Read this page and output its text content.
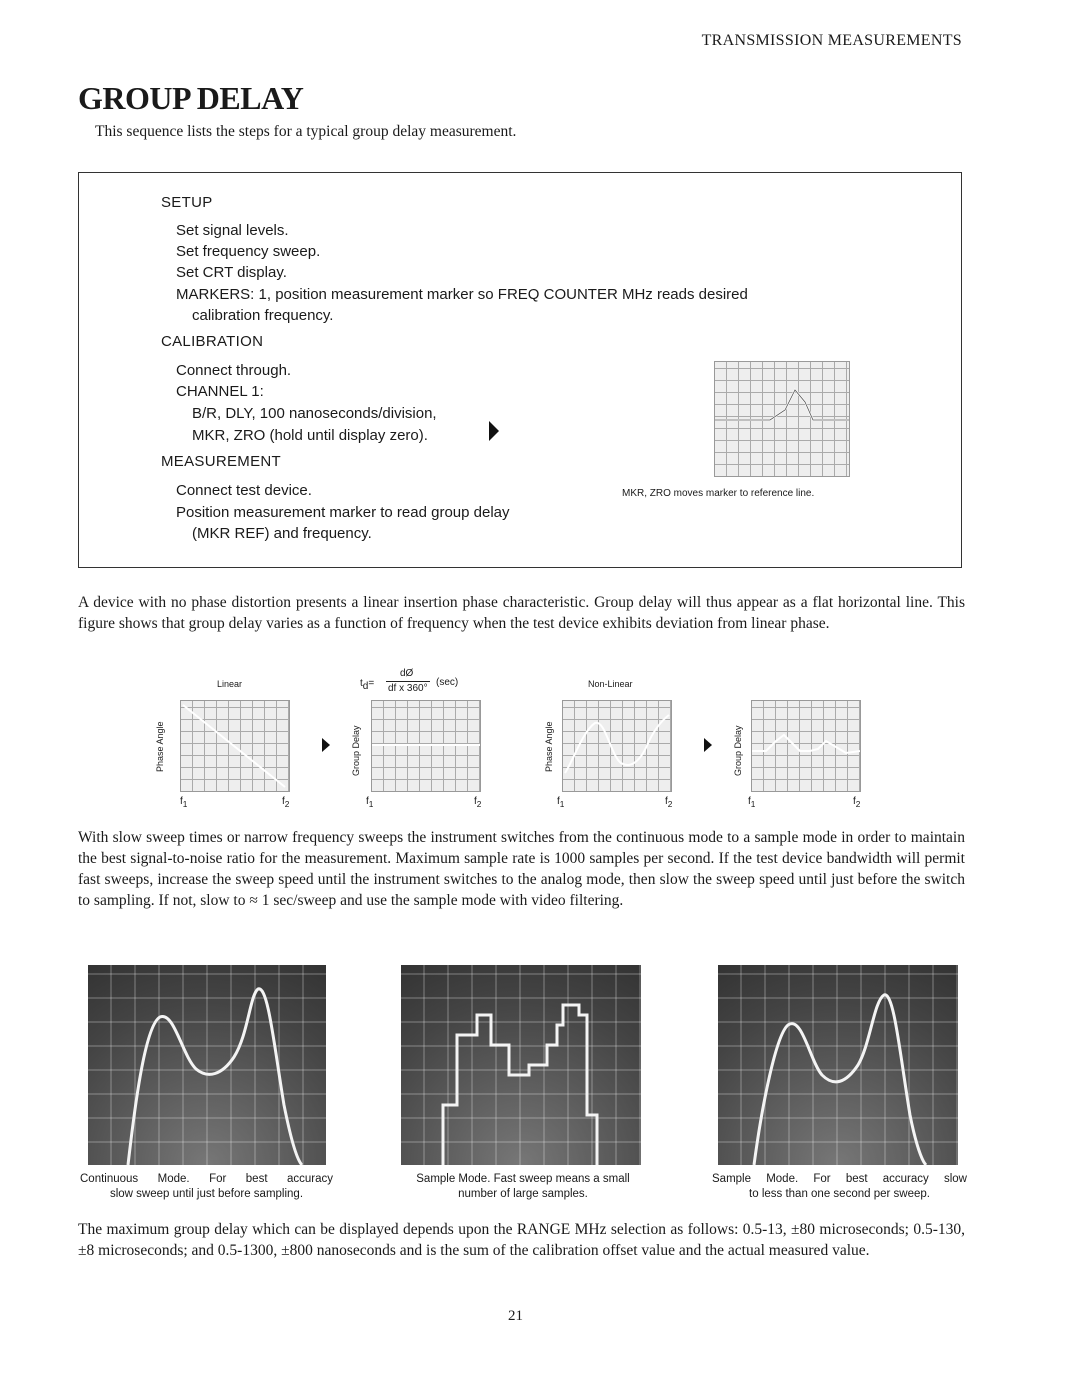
TRANSMISSION MEASUREMENTS
GROUP DELAY
This sequence lists the steps for a typical group delay measurement.
SETUP
Set signal levels.
Set frequency sweep.
Set CRT display.
MARKERS: 1, position measurement marker so FREQ COUNTER MHz reads desired
calibration frequency.
CALIBRATION
Connect through.
CHANNEL 1:
B/R, DLY, 100 nanoseconds/division,
MKR, ZRO (hold until display zero).
MEASUREMENT
Connect test device.
Position measurement marker to read group delay
(MKR REF) and frequency.
MKR, ZRO moves marker to reference line.
A device with no phase distortion presents a linear insertion phase characteristic. Group delay will thus appear as a flat horizontal line. This figure shows that group delay varies as a function of frequency when the test device exhibits deviation from linear phase.
Linear	Non-Linear
$t_d=$
dØ
df x 360°
(sec)
Phase Angle	Group Delay	Phase Angle	Group Delay
$f_1$	$f_2$	$f_1$	$f_2$	$f_1$	$f_2$	$f_1$	$f_2$
With slow sweep times or narrow frequency sweeps the instrument switches from the continuous mode to a sample mode in order to maintain the best signal-to-noise ratio for the measurement. Maximum sample rate is 1000 samples per second. If the test device bandwidth will permit fast sweeps, increase the sweep speed until the instrument switches to the analog mode, then slow the sweep speed until just before the switch to sampling. If not, slow to ≈ 1 sec/sweep and use the sample mode with video filtering.
Continuous Mode. For best accuracy
slow sweep until just before sampling.
Sample Mode. Fast sweep means a small
number of large samples.
Sample Mode. For best accuracy slow
to less than one second per sweep.
The maximum group delay which can be displayed depends upon the RANGE MHz selection as follows: 0.5-13, ±80 microseconds; 0.5-130, ±8 microseconds; and 0.5-1300, ±800 nanoseconds and is the sum of the calibration offset value and the actual measured value.
21
